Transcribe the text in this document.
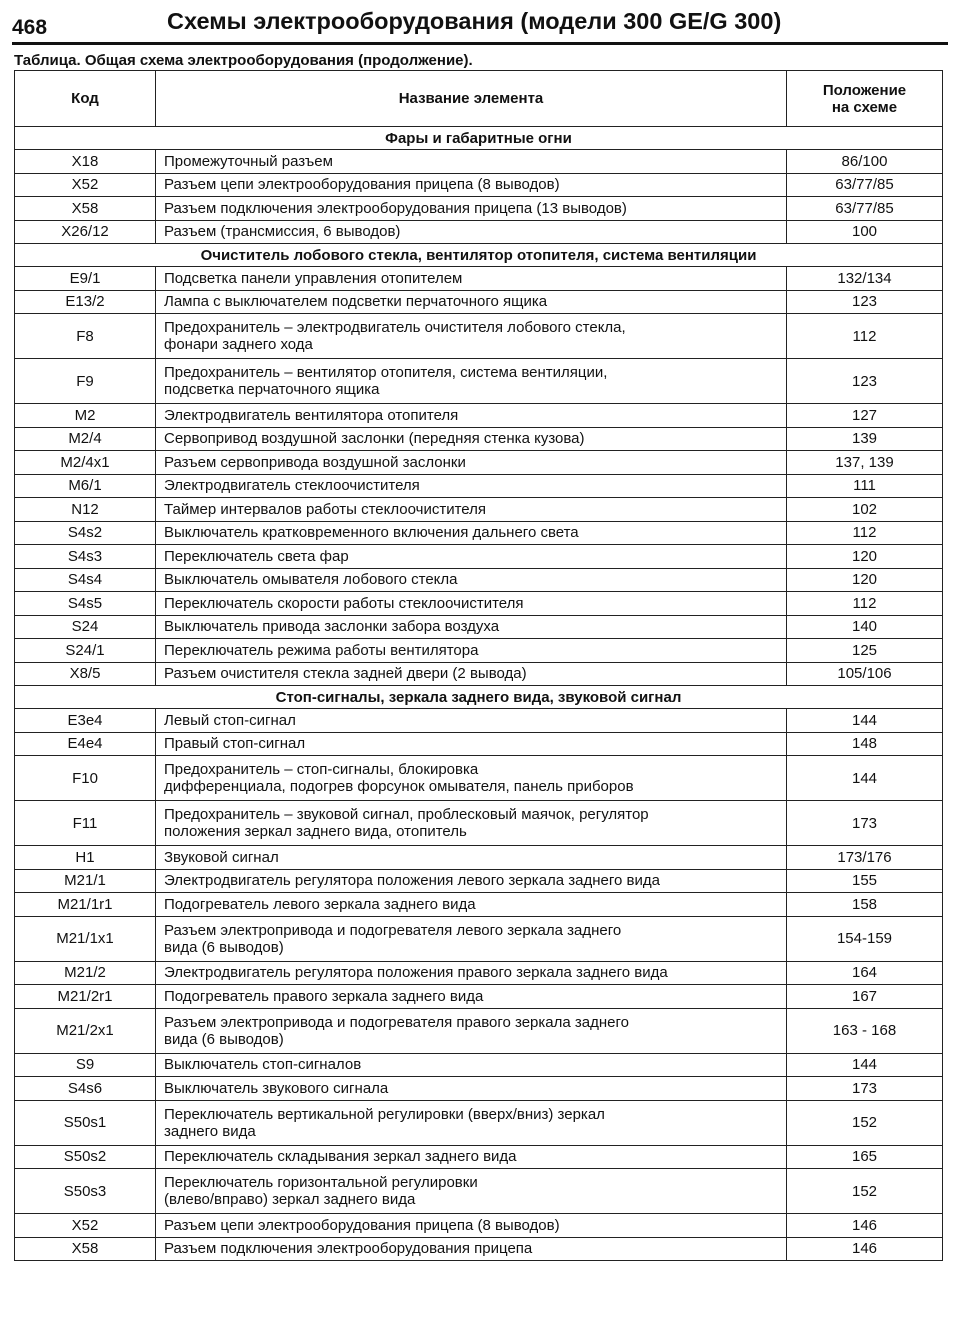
468	Схемы электрооборудования (модели 300 GE/G 300)
Таблица. Общая схема электрооборудования (продолжение).
Код	Название элемента	Положение
на схеме

Фары и габаритные огни		
X18	Промежуточный разъем	86/100
X52	Разъем цепи электрооборудования прицепа (8 выводов)	63/77/85
X58	Разъем подключения электрооборудования прицепа (13 выводов)	63/77/85
X26/12	Разъем (трансмиссия, 6 выводов)	100
Очиститель лобового стекла, вентилятор отопителя, система вентиляции		
E9/1	Подсветка панели управления отопителем	132/134
E13/2	Лампа с выключателем подсветки перчаточного ящика	123
F8	Предохранитель – электродвигатель очистителя лобового стекла,
фонари заднего хода	112
F9	Предохранитель – вентилятор отопителя, система вентиляции,
подсветка перчаточного ящика	123
M2	Электродвигатель вентилятора отопителя	127
M2/4	Сервопривод воздушной заслонки (передняя стенка кузова)	139
M2/4x1	Разъем сервопривода воздушной заслонки	137, 139
M6/1	Электродвигатель стеклоочистителя	111
N12	Таймер интервалов работы стеклоочистителя	102
S4s2	Выключатель кратковременного включения дальнего света	112
S4s3	Переключатель света фар	120
S4s4	Выключатель омывателя лобового стекла	120
S4s5	Переключатель скорости работы стеклоочистителя	112
S24	Выключатель привода заслонки забора воздуха	140
S24/1	Переключатель режима работы вентилятора	125
X8/5	Разъем очистителя стекла задней двери (2 вывода)	105/106
Стоп-сигналы, зеркала заднего вида, звуковой сигнал		
E3e4	Левый стоп-сигнал	144
E4e4	Правый стоп-сигнал	148
F10	Предохранитель – стоп-сигналы, блокировка
дифференциала, подогрев форсунок омывателя, панель приборов	144
F11	Предохранитель – звуковой сигнал, проблесковый маячок, регулятор
положения зеркал заднего вида, отопитель	173
H1	Звуковой сигнал	173/176
M21/1	Электродвигатель регулятора положения левого зеркала заднего вида	155
M21/1r1	Подогреватель левого зеркала заднего вида	158
M21/1x1	Разъем электропривода и подогревателя левого зеркала заднего
вида (6 выводов)	154-159
M21/2	Электродвигатель регулятора положения правого зеркала заднего вида	164
M21/2r1	Подогреватель правого зеркала заднего вида	167
M21/2x1	Разъем электропривода и подогревателя правого зеркала заднего
вида (6 выводов)	163 - 168
S9	Выключатель стоп-сигналов	144
S4s6	Выключатель звукового сигнала	173
S50s1	Переключатель вертикальной регулировки (вверх/вниз) зеркал
заднего вида	152
S50s2	Переключатель складывания зеркал заднего вида	165
S50s3	Переключатель горизонтальной регулировки
(влево/вправо) зеркал заднего вида	152
X52	Разъем цепи электрооборудования прицепа (8 выводов)	146
X58	Разъем подключения электрооборудования прицепа	146
